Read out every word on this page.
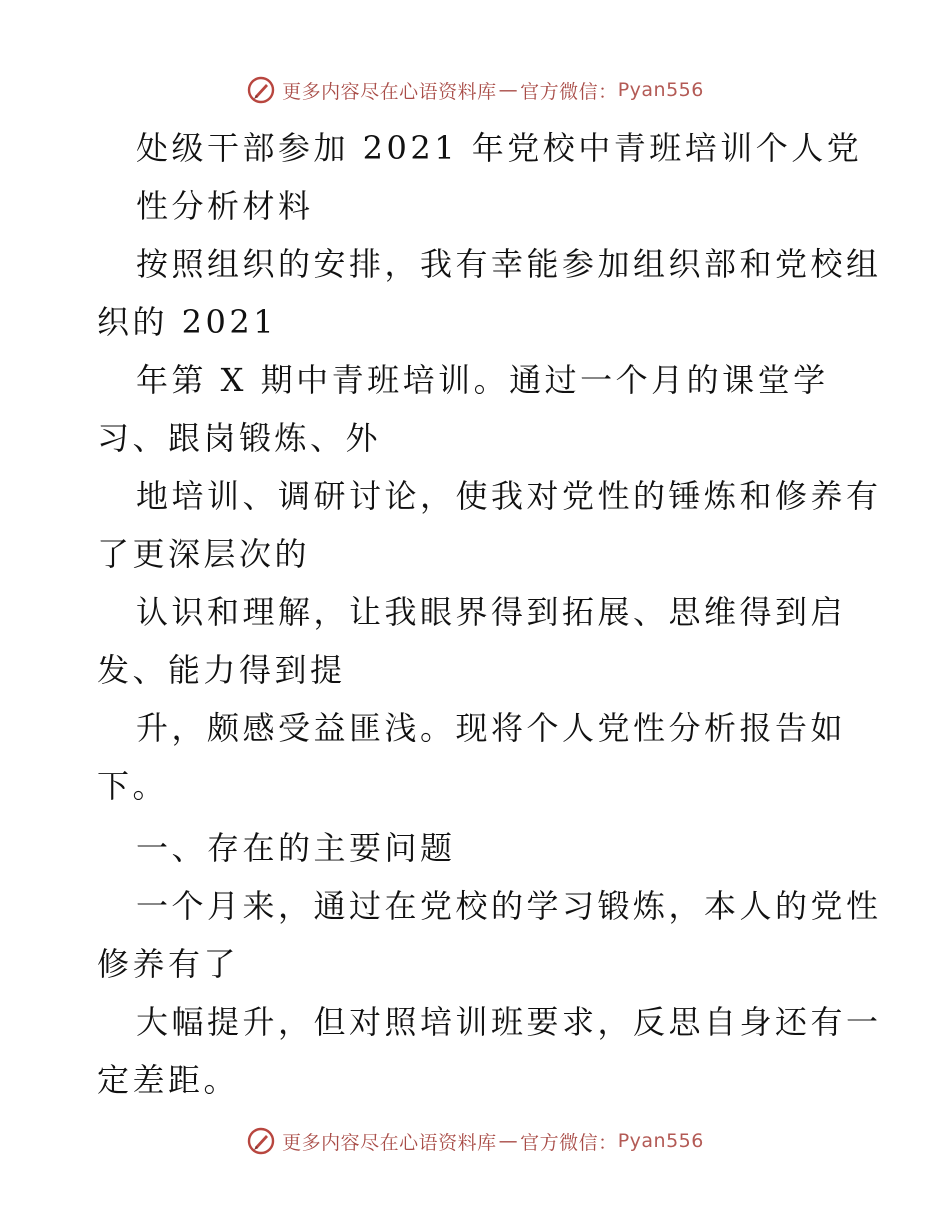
更多内容尽在心语资料库 — 官方微信： Pyan556
处级干部参加 2021 年党校中青班培训个人党
性分析材料
按照组织的安排，我有幸能参加组织部和党校组
织的 2021
年第 X 期中青班培训。通过一个月的课堂学
习、跟岗锻炼、外
地培训、调研讨论，使我对党性的锤炼和修养有
了更深层次的
认识和理解，让我眼界得到拓展、思维得到启
发、能力得到提
升，颇感受益匪浅。现将个人党性分析报告如
下。
一、存在的主要问题
一个月来，通过在党校的学习锻炼，本人的党性
修养有了
大幅提升，但对照培训班要求，反思自身还有一
定差距。
更多内容尽在心语资料库 — 官方微信： Pyan556
